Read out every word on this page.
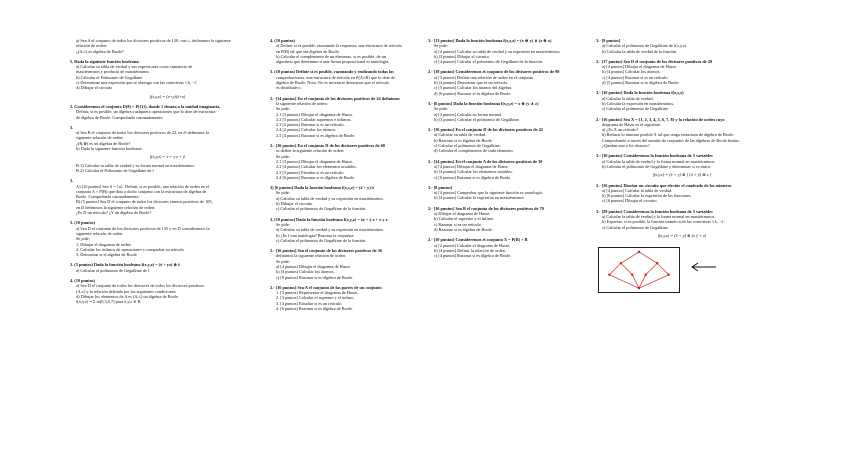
a) Sea A el conjunto de todos los divisores positivos de 120, con ≤, definamos la siguiente
relación de orden:
¿(A,≤) es algebra de Boole?
5. Dada la siguiente función booleana:
a) Calcular su tabla de verdad y sus expresiones como sumatorio de
maxitérminos y producto de maxitérminos
b) Calcular el Polinomio de Gegalkine
c) Determinar una expresión que se obtenga con las conectivas {∧, ¬}
d) Dibujar el circuito
f(x,y,z) = (x+y)(x̄+z)
2. Consideremos el conjunto D(8) × P({1}), donde 1 denota a la unidad imaginaria.
Definir, si es posible, un álgebra cualquiera operaciones que lo dote de estructura
de álgebra de Boole. Comprobarlo razonadamente.
3.
a) Sea B el conjunto de todos los divisores positivos de 22, en él definimos la
siguiente relación de orden:
¿(B,⊗) es un álgebra de Boole?
b) Dada la siguiente función booleana:
f(x,y,z) = x + y·z + ȳ
B.1) Calcular su tabla de verdad y su forma normal en maxitérminos.
B.2) Calcular el Polinomio de Gegalkine de f
3.
A) [10 puntos] Sea A = {a}. Definir, si es posible, una relación de orden en el
conjunto A × P(B) que dota a dicho conjunto con la estructura de álgebra de
Boole. Comprobarlo razonadamente.
B) [5 puntos] Sea D el conjunto de todos los divisores enteros positivos de 105,
en D definimos la siguiente relación de orden:
¿Es D un retículo? ¿Y un álgebra de Boole?
3. (10 puntos)
a) Sea D el conjunto de los divisores positivos de 135 y en D consideramos la
siguiente relación de orden
Se pide:
1. Dibujar el diagrama de orden
2. Calcular los ínfimos de operaciones y comprobar su retículo
3. Demostrar si el algebra de Boole
3. (5 puntos) Dada la función booleana f(x,y,z) = (x̄ + yz) ⊕ z̄
a) Calcular el polinomio de Gegalkine de f
4. (10 puntos)
a) Sea D el conjunto de todos los divisores de todos los divisores positivos
(A,≤) y la relación definida por las siguientes condiciones:
d) Dibujar los elementos de A es (A,≤) un álgebra de Boole
f(x,y,z) = Σ m(0,3,5,7) para x,y,z ∈ B
4. (10 puntos)
a) Definir si es posible, razonando la respuesta, una estructura de retículo
en P(B) tal que sea álgebra de Boole.
b) Calcular el complemento de un elemento, si es posible, de un
algoritmo que determine si una forma proposicional es tautología.
3. (10 puntos) Definir si es posible, razonando y realizando todas las
comprobaciones, una estructura de retículo en P(A×B) que lo dote de
álgebra de Boole. Nota: No es necesario demostrar que el retículo
es distributivo.
2.- [14 puntos] En el conjunto de los divisores positivos de 24 definimos
la siguiente relación de orden:
Se pide:
2.1 [3 puntos] Dibujar el diagrama de Hasse.
2.2 [3 puntos] Calcular supremos e ínfimos.
2.3 [2 puntos] Razonar si es un retículo.
2.4 [2 puntos] Calcular los átomos.
2.5 [4 puntos] Razonar si es álgebra de Boole.
2.- [16 puntos] En el conjunto D de los divisores positivos de 60
se define la siguiente relación de orden:
Se pide:
2.1 [3 puntos] Dibujar el diagrama de Hasse.
2.2 [4 puntos] Calcular los elementos notables.
2.3 [3 puntos] Estudiar si es un retículo.
2.4 [6 puntos] Razonar si es álgebra de Boole.
3) [6 puntos] Dada la función booleana f(x,y,z) = (x̄ + y)·z̄
Se pide:
a) Calcular su tabla de verdad y su expresión en maxitérminos.
b) Dibujar el circuito.
c) Calcular el polinomio de Gegalkine de la función.
3. [10 puntos] Dada la función booleana f(x,y,z) = x̄z + ȳ z + x y z
Se pide:
a) Calcular su tabla de verdad y su expresión en maxitérminos.
b) ¿Es f una tautología? Razonar la respuesta.
c) Calcular el polinomio de Gegalkine de la función.
2.- [16 puntos] Sea el conjunto de los divisores positivos de 36
definimos la siguiente relación de orden:
Se pide:
a) [4 puntos] Dibujar el diagrama de Hasse.
b) [4 puntos] Calcular los átomos.
c) [8 puntos] Razonar si es álgebra de Boole.
2.- [16 puntos] Sea A el conjunto de las partes de un conjunto
1. [3 puntos] Representar el diagrama de Hasse.
2. [3 puntos] Calcular el supremo y el ínfimo.
3. [4 puntos] Estudiar si es un retículo.
4. [6 puntos] Razonar si es álgebra de Boole.
3.- [13 puntos] Dada la función booleana f(x,y,z) = (x ⊕ y) ∧ (z ⊕ x)
Se pide:
a) [4 puntos] Calcular su tabla de verdad y su expresión en maxitérminos.
b) [2 puntos] Dibujar el circuito.
c) [4 puntos] Calcular el polinomio de Gegalkine de la función.
2.- [18 puntos] Consideremos el conjunto de los divisores positivos de 90
a) [3 puntos] Definir una relación de orden en el conjunto.
b) [4 puntos] Demostrar que es un retículo.
c) [5 puntos] Calcular los átomos del álgebra.
d) [6 puntos] Razonar si es álgebra de Boole.
3.- [6 puntos] Dada la función booleana f(x,y,z) = x ⊕ (y ∧ z)
Se pide:
a) [3 puntos] Calcular su forma normal.
b) [3 puntos] Calcular el polinomio de Gegalkine.
2.- [16 puntos] En el conjunto D de los divisores positivos de 42
a) Calcular su tabla de verdad.
b) Razonar si es álgebra de Boole.
c) Calcular el polinomio de Gegalkine.
d) Calcular el complemento de cada elemento.
2.- [14 puntos] En el conjunto A de los divisores positivos de 30
a) [4 puntos] Dibujar el diagrama de Hasse.
b) [4 puntos] Calcular los elementos notables.
c) [6 puntos] Razonar si es álgebra de Boole.
3.- [8 puntos]
a) [4 puntos] Comprobar que la siguiente función es tautología.
b) [4 puntos] Calcular la expresión en maxitérminos.
2.- [16 puntos] Sea B el conjunto de los divisores positivos de 70
a) Dibujar el diagrama de Hasse.
b) Calcular el supremo y el ínfimo.
c) Razonar si es un retículo.
d) Razonar si es álgebra de Boole.
2.- [10 puntos] Consideremos el conjunto X = P(B) × B
a) [2 puntos] Calcular el diagrama de Hasse.
b) [4 puntos] Definir la relación de orden.
c) [4 puntos] Razonar si es álgebra de Boole.
3.- [9 puntos]
a) Calcular el polinomio de Gegalkine de f(x,y,z).
b) Calcular la tabla de verdad de la función.
2.- [17 puntos] Sea D el conjunto de los divisores positivos de 20
a) [4 puntos] Dibujar el diagrama de Hasse.
b) [4 puntos] Calcular los átomos.
c) [4 puntos] Razonar si es un retículo.
d) [5 puntos] Razonar si es álgebra de Boole.
3.- [10 puntos] Dada la función booleana f(x,y,z)
a) Calcular la tabla de verdad.
b) Calcular la expresión en maxitérminos.
c) Calcular el polinomio de Gegalkine.
2.- [16 puntos] Sea X = {1, 2, 3, 4, 5, 6, 7, 8} y la relación de orden cuyo
diagrama de Hasse es el siguiente:
a) ¿Es X un retículo?
b) Reducir lo mínimo posible X tal que tenga estructura de álgebra de Boole.
Comprobando a través del tamaño de conjuntos de las álgebras de Boole finitas.
¿Quedan uno o los átomos?
3.- [10 puntos] Consideremos la función booleana de 3 variables
a) Calcular la tabla de verdad y la forma normal en maxitérminos.
b) Calcular el polinomio de Gegalkine y determinar si es único.
f(x,y,z) = (x̄ + y) ⊕ [ (x̄ + ȳ) ⊕ z ]
2.- [16 puntos] Diseñar un circuito que efectúe el cuadrado de los números
a) [4 puntos] Calcular la tabla de verdad.
b) [6 puntos] Calcular la expresión de las funciones.
c) [6 puntos] Dibujar el circuito.
3.- [29 puntos] Consideremos la función booleana de 3 variables
a) Calcular la tabla de verdad y la forma normal en maxitérminos.
b) Expresar, si es posible, la función usando solo las conectivas {∧, ¬}.
c) Calcular el polinomio de Gegalkine.
f(x,y,z) = (x̄ + y) ⊕ (x ȳ + z)
